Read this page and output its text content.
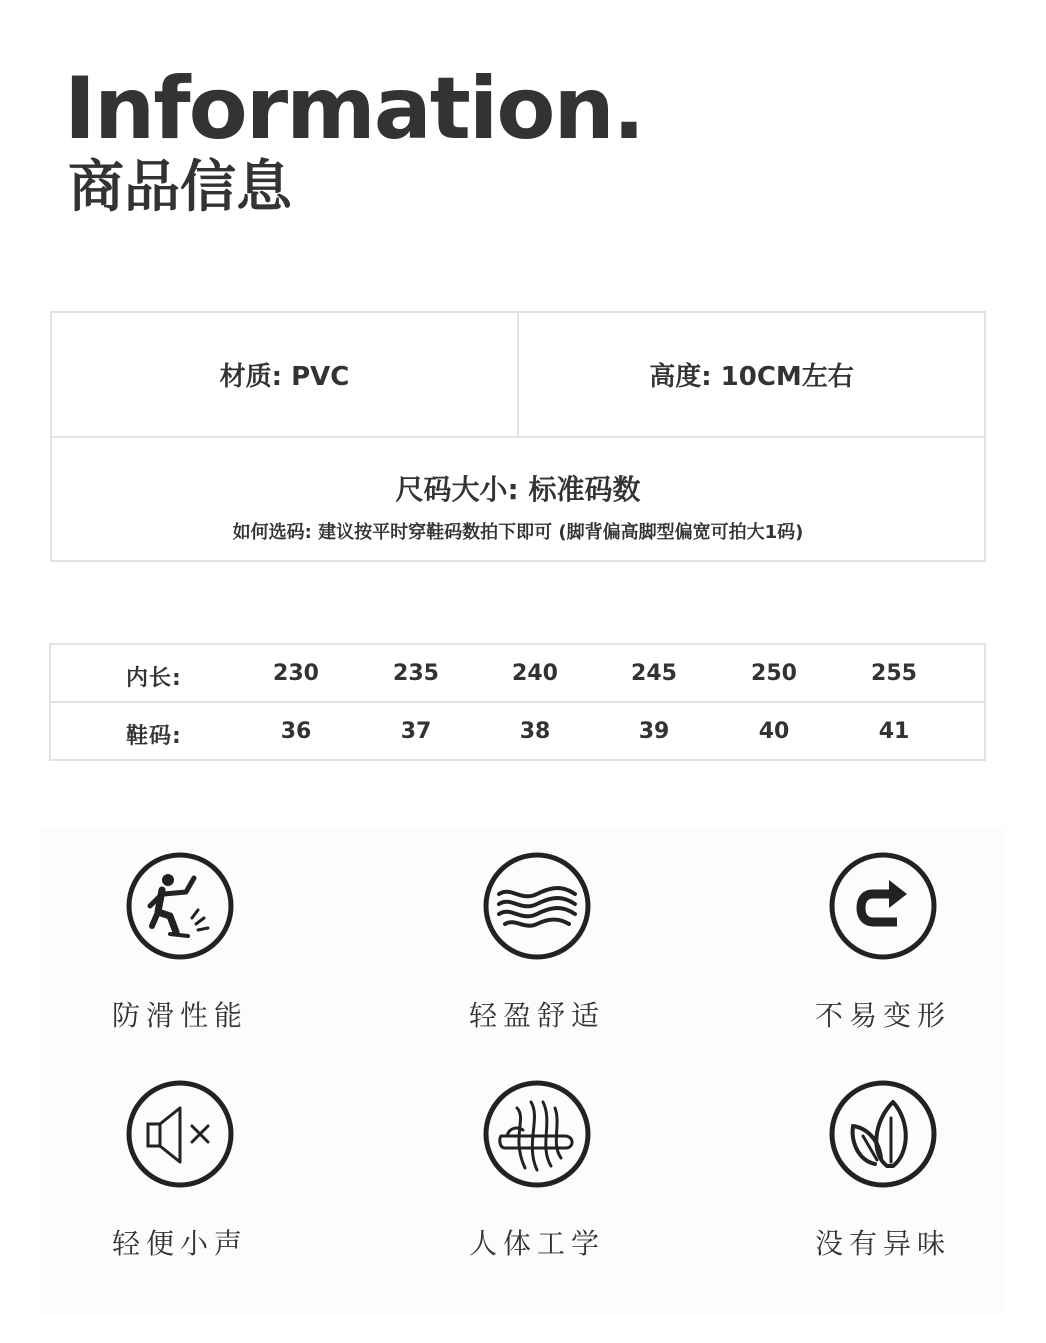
Information.
商品信息
材质: PVC	高度: 10CM左右
尺码大小: 标准码数
如何选码: 建议按平时穿鞋码数拍下即可 (脚背偏高脚型偏宽可拍大1码)
内长:	230	235	240	245	250	255
鞋码:	36	37	38	39	40	41
防滑性能	轻盈舒适	不易变形
轻便小声	人体工学	没有异味
